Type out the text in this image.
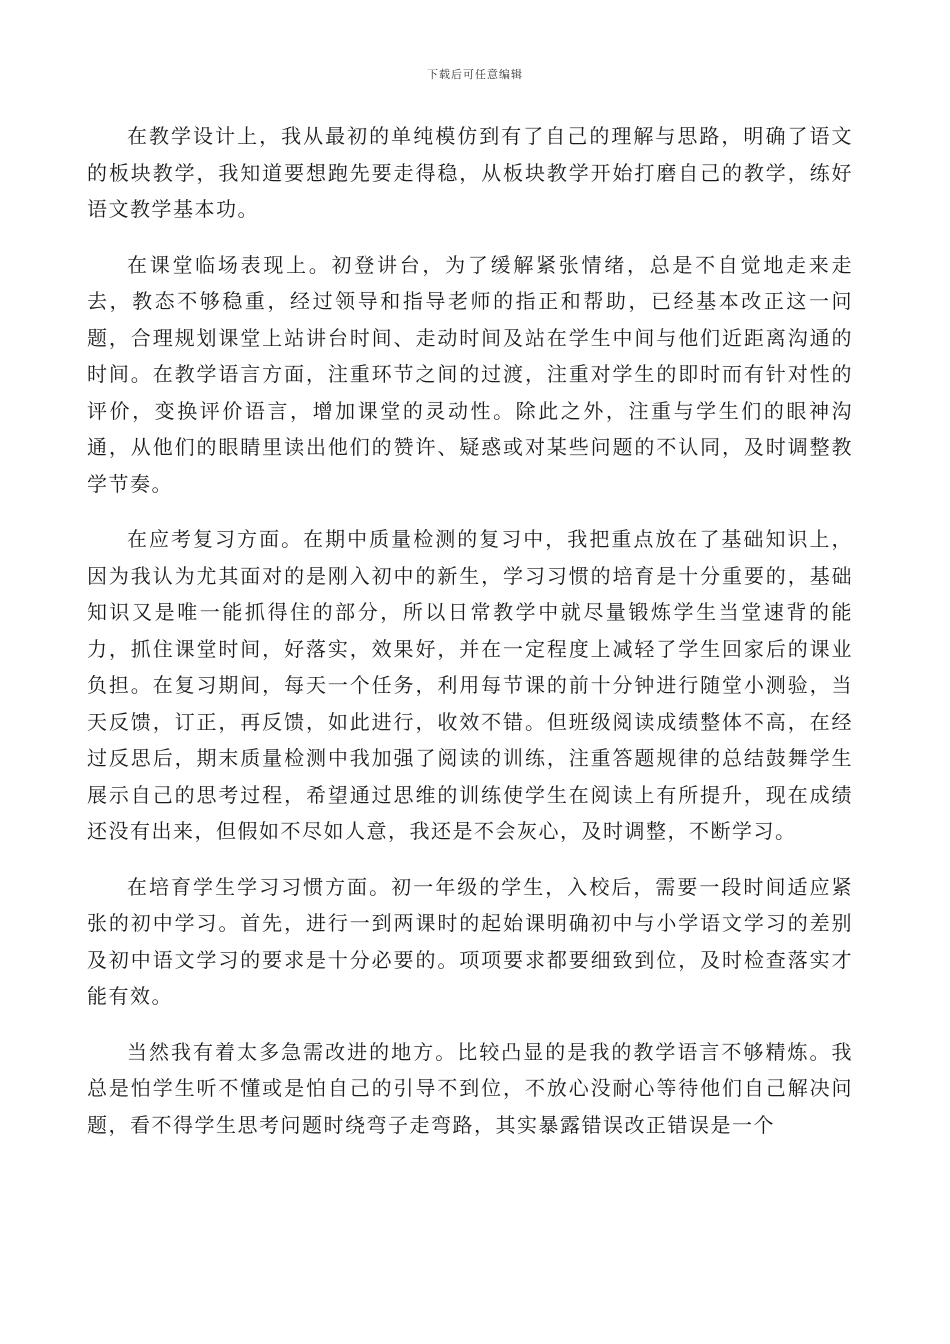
下载后可任意编辑

在教学设计上，我从最初的单纯模仿到有了自己的理解与思路，明确了语文的板块教学，我知道要想跑先要走得稳，从板块教学开始打磨自己的教学，练好语文教学基本功。

在课堂临场表现上。初登讲台，为了缓解紧张情绪，总是不自觉地走来走去，教态不够稳重，经过领导和指导老师的指正和帮助，已经基本改正这一问题，合理规划课堂上站讲台时间、走动时间及站在学生中间与他们近距离沟通的时间。在教学语言方面，注重环节之间的过渡，注重对学生的即时而有针对性的评价，变换评价语言，增加课堂的灵动性。除此之外，注重与学生们的眼神沟通，从他们的眼睛里读出他们的赞许、疑惑或对某些问题的不认同，及时调整教学节奏。

在应考复习方面。在期中质量检测的复习中，我把重点放在了基础知识上，因为我认为尤其面对的是刚入初中的新生，学习习惯的培育是十分重要的，基础知识又是唯一能抓得住的部分，所以日常教学中就尽量锻炼学生当堂速背的能力，抓住课堂时间，好落实，效果好，并在一定程度上减轻了学生回家后的课业负担。在复习期间，每天一个任务，利用每节课的前十分钟进行随堂小测验，当天反馈，订正，再反馈，如此进行，收效不错。但班级阅读成绩整体不高，在经过反思后，期末质量检测中我加强了阅读的训练，注重答题规律的总结鼓舞学生展示自己的思考过程，希望通过思维的训练使学生在阅读上有所提升，现在成绩还没有出来，但假如不尽如人意，我还是不会灰心，及时调整，不断学习。

在培育学生学习习惯方面。初一年级的学生，入校后，需要一段时间适应紧张的初中学习。首先，进行一到两课时的起始课明确初中与小学语文学习的差别及初中语文学习的要求是十分必要的。项项要求都要细致到位，及时检查落实才能有效。

当然我有着太多急需改进的地方。比较凸显的是我的教学语言不够精炼。我总是怕学生听不懂或是怕自己的引导不到位，不放心没耐心等待他们自己解决问题，看不得学生思考问题时绕弯子走弯路，其实暴露错误改正错误是一个
